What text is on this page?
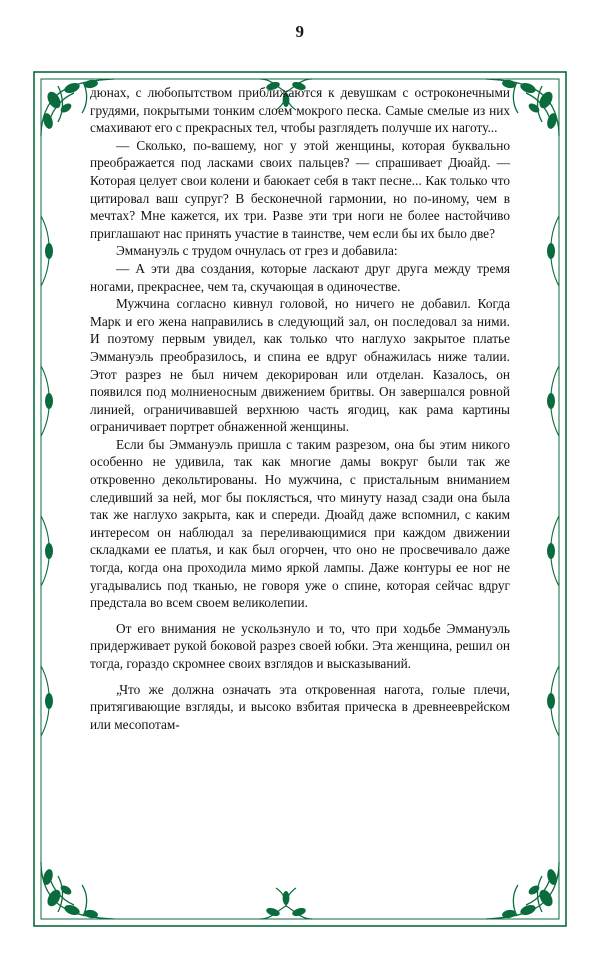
9

дюнах, с любопытством приближаются к девушкам с остроконечными грудями, покрытыми тонким слоем мокрого песка. Самые смелые из них смахивают его с прекрасных тел, чтобы разглядеть получше их наготу...

— Сколько, по-вашему, ног у этой женщины, которая буквально преображается под ласками своих пальцев? — спрашивает Дюайд. — Которая целует свои колени и баюкает себя в такт песне... Как только что цитировал ваш супруг? В бесконечной гармонии, но по-иному, чем в мечтах? Мне кажется, их три. Разве эти три ноги не более настойчиво приглашают нас принять участие в таинстве, чем если бы их было две?

Эммануэль с трудом очнулась от грез и добавила:

— А эти два создания, которые ласкают друг друга между тремя ногами, прекраснее, чем та, скучающая в одиночестве.

Мужчина согласно кивнул головой, но ничего не добавил. Когда Марк и его жена направились в следующий зал, он последовал за ними. И поэтому первым увидел, как только что наглухо закрытое платье Эммануэль преобразилось, и спина ее вдруг обнажилась ниже талии. Этот разрез не был ничем декорирован или отделан. Казалось, он появился под молниеносным движением бритвы. Он завершался ровной линией, ограничивавшей верхнюю часть ягодиц, как рама картины ограничивает портрет обнаженной женщины.

Если бы Эммануэль пришла с таким разрезом, она бы этим никого особенно не удивила, так как многие дамы вокруг были так же откровенно декольтированы. Но мужчина, с пристальным вниманием следивший за ней, мог бы поклясться, что минуту назад сзади она была так же наглухо закрыта, как и спереди. Дюайд даже вспомнил, с каким интересом он наблюдал за переливающимися при каждом движении складками ее платья, и как был огорчен, что оно не просвечивало даже тогда, когда она проходила мимо яркой лампы. Даже контуры ее ног не угадывались под тканью, не говоря уже о спине, которая сейчас вдруг предстала во всем своем великолепии.

От его внимания не ускользнуло и то, что при ходьбе Эммануэль придерживает рукой боковой разрез своей юбки. Эта женщина, решил он тогда, гораздо скромнее своих взглядов и высказываний.

„Что же должна означать эта откровенная нагота, голые плечи, притягивающие взгляды, и высоко взбитая прическа в древнееврейском или месопотам-
